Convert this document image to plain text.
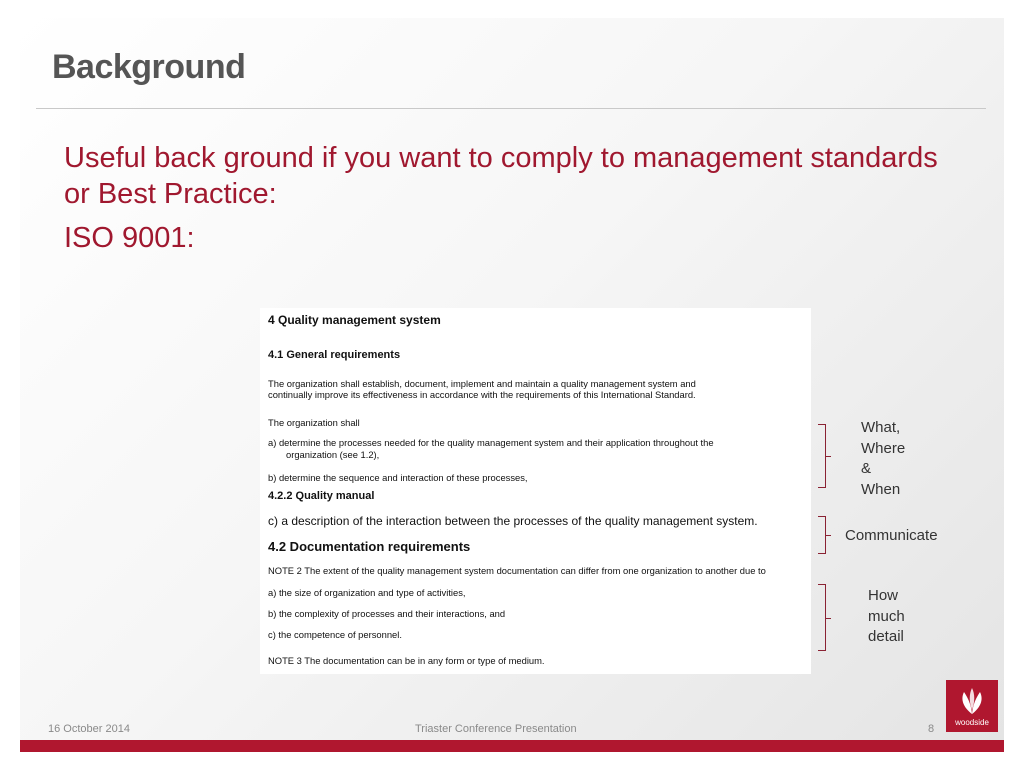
Background
Useful back ground if you want to comply to management standards or Best Practice:
ISO 9001:
4 Quality management system
4.1 General requirements
The organization shall establish, document, implement and maintain a quality management system and
continually improve its effectiveness in accordance with the requirements of this International Standard.
The organization shall
a) determine the processes needed for the quality management system and their application throughout the
organization (see 1.2),
b) determine the sequence and interaction of these processes,
4.2.2 Quality manual
c) a description of the interaction between the processes of the quality management system.
4.2 Documentation requirements
NOTE 2 The extent of the quality management system documentation can differ from one organization to another due to
a) the size of organization and type of activities,
b) the complexity of processes and their interactions, and
c) the competence of personnel.
NOTE 3 The documentation can be in any form or type of medium.
What,
Where
&
When
Communicate
How
much
detail
16 October 2014	Triaster Conference Presentation	8
woodside
